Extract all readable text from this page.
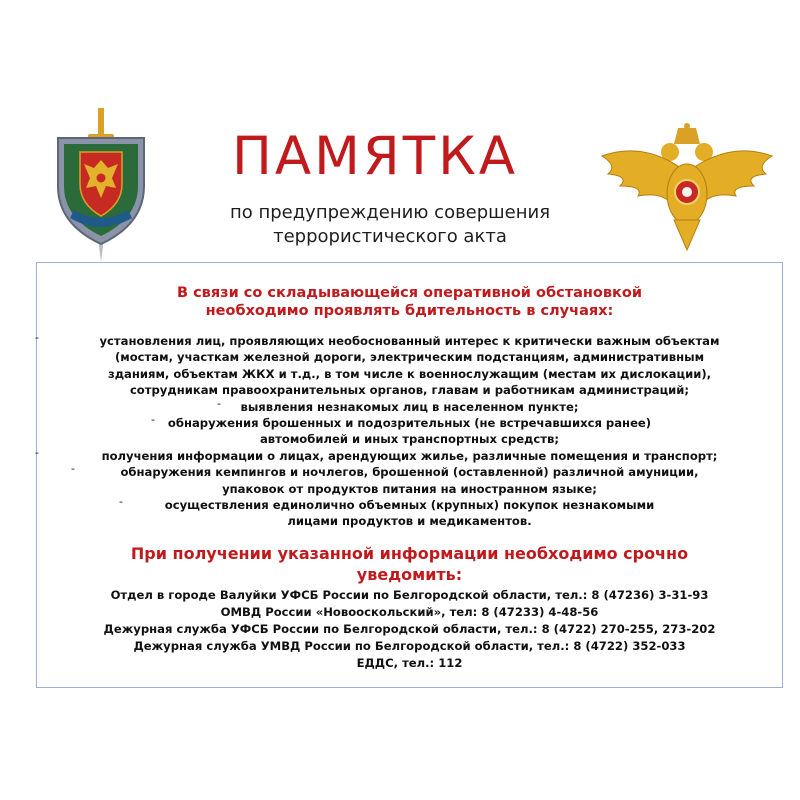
ПАМЯТКА
по предупреждению совершения
террористического акта
В связи со складывающейся оперативной обстановкой
необходимо проявлять бдительность в случаях:
-	установления лиц, проявляющих необоснованный интерес к критически важным объектам
(мостам, участкам железной дороги, электрическим подстанциям, административным
зданиям, объектам ЖКХ и т.д., в том числе к военнослужащим (местам их дислокации),
сотрудникам правоохранительных органов, главам и работникам администраций;
-	выявления незнакомых лиц в населенном пункте;
-	обнаружения брошенных и подозрительных (не встречавшихся ранее)
автомобилей и иных транспортных средств;
-	получения информации о лицах, арендующих жилье, различные помещения и транспорт;
-	обнаружения кемпингов и ночлегов, брошенной (оставленной) различной амуниции,
упаковок от продуктов питания на иностранном языке;
-	осуществления единолично объемных (крупных) покупок незнакомыми
лицами продуктов и медикаментов.
При получении указанной информации необходимо срочно
уведомить:
Отдел в городе Валуйки УФСБ России по Белгородской области, тел.: 8 (47236) 3-31-93
ОМВД России «Новооскольский», тел: 8 (47233) 4-48-56
Дежурная служба УФСБ России по Белгородской области, тел.: 8 (4722) 270-255, 273-202
Дежурная служба УМВД России по Белгородской области, тел.: 8 (4722) 352-033
ЕДДС, тел.: 112
